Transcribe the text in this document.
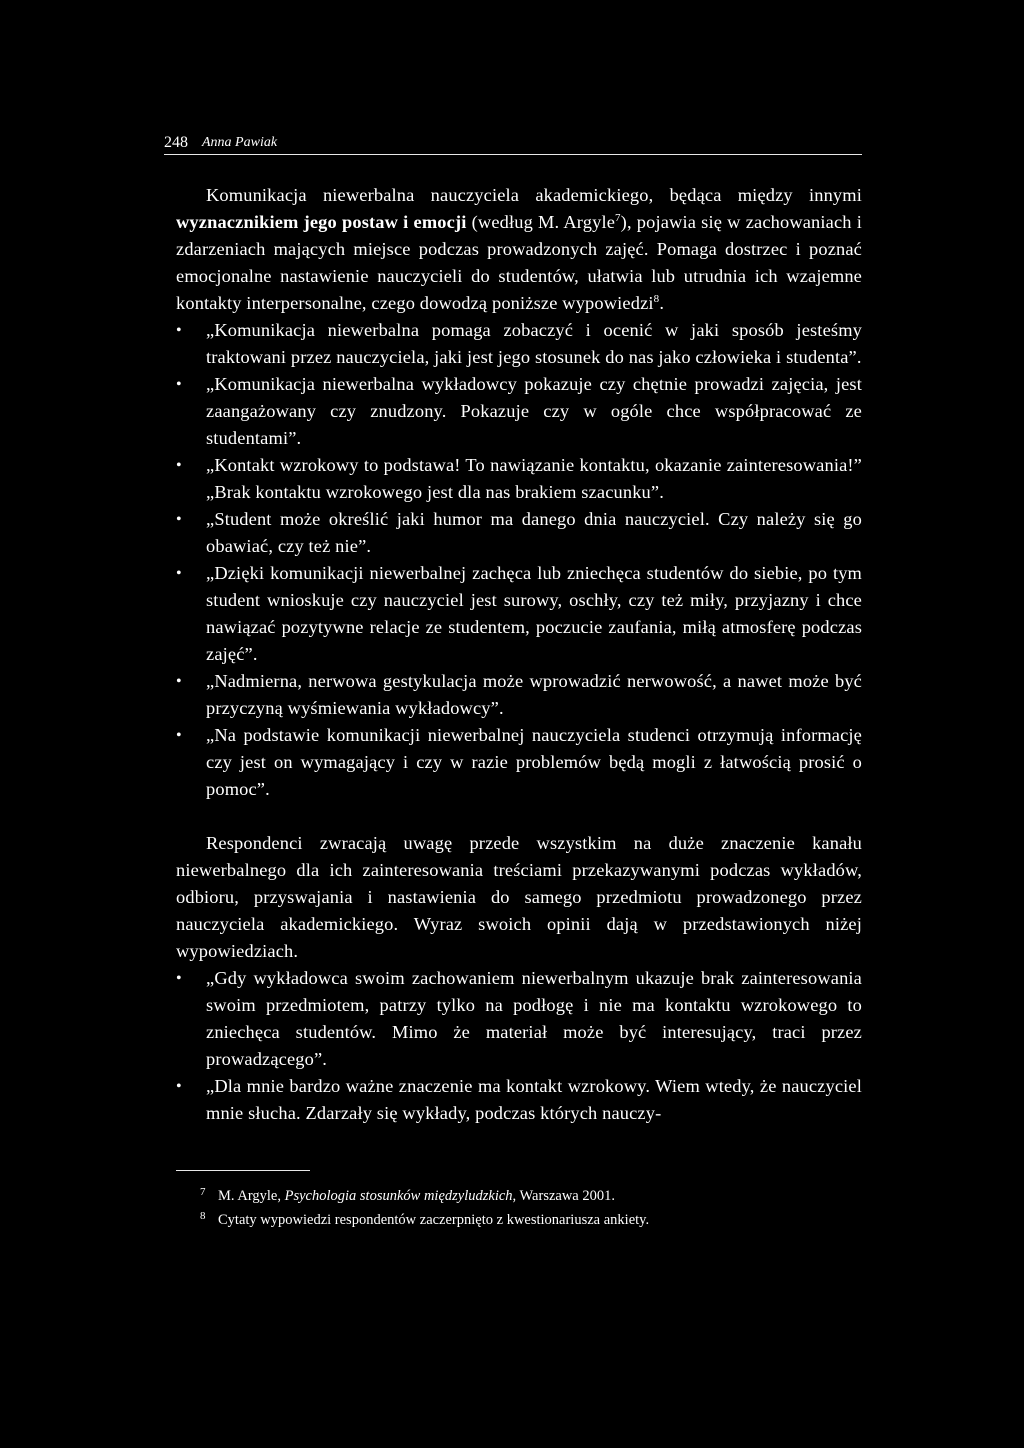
248 Anna Pawiak

Komunikacja niewerbalna nauczyciela akademickiego, będąca między innymi wyznacznikiem jego postaw i emocji (według M. Argyle$^7$), pojawia się w zachowaniach i zdarzeniach mających miejsce podczas prowadzonych zajęć. Pomaga dostrzec i poznać emocjonalne nastawienie nauczycieli do studentów, ułatwia lub utrudnia ich wzajemne kontakty interpersonalne, czego dowodzą poniższe wypowiedzi$^8$.

•	„Komunikacja niewerbalna pomaga zobaczyć i ocenić w jaki sposób jesteśmy traktowani przez nauczyciela, jaki jest jego stosunek do nas jako człowieka i studenta”.
•	„Komunikacja niewerbalna wykładowcy pokazuje czy chętnie prowadzi zajęcia, jest zaangażowany czy znudzony. Pokazuje czy w ogóle chce współpracować ze studentami”.
•	„Kontakt wzrokowy to podstawa! To nawiązanie kontaktu, okazanie zainteresowania!” „Brak kontaktu wzrokowego jest dla nas brakiem szacunku”.
•	„Student może określić jaki humor ma danego dnia nauczyciel. Czy należy się go obawiać, czy też nie”.
•	„Dzięki komunikacji niewerbalnej zachęca lub zniechęca studentów do siebie, po tym student wnioskuje czy nauczyciel jest surowy, oschły, czy też miły, przyjazny i chce nawiązać pozytywne relacje ze studentem, poczucie zaufania, miłą atmosferę podczas zajęć”.
•	„Nadmierna, nerwowa gestykulacja może wprowadzić nerwowość, a nawet może być przyczyną wyśmiewania wykładowcy”.
•	„Na podstawie komunikacji niewerbalnej nauczyciela studenci otrzymują informację czy jest on wymagający i czy w razie problemów będą mogli z łatwością prosić o pomoc”.

Respondenci zwracają uwagę przede wszystkim na duże znaczenie kanału niewerbalnego dla ich zainteresowania treściami przekazywanymi podczas wykładów, odbioru, przyswajania i nastawienia do samego przedmiotu prowadzonego przez nauczyciela akademickiego. Wyraz swoich opinii dają w przedstawionych niżej wypowiedziach.

•	„Gdy wykładowca swoim zachowaniem niewerbalnym ukazuje brak zainteresowania swoim przedmiotem, patrzy tylko na podłogę i nie ma kontaktu wzrokowego to zniechęca studentów. Mimo że materiał może być interesujący, traci przez prowadzącego”.
•	„Dla mnie bardzo ważne znaczenie ma kontakt wzrokowy. Wiem wtedy, że nauczyciel mnie słucha. Zdarzały się wykłady, podczas których nauczy-
7 M. Argyle, Psychologia stosunków międzyludzkich, Warszawa 2001.
8 Cytaty wypowiedzi respondentów zaczerpnięto z kwestionariusza ankiety.
